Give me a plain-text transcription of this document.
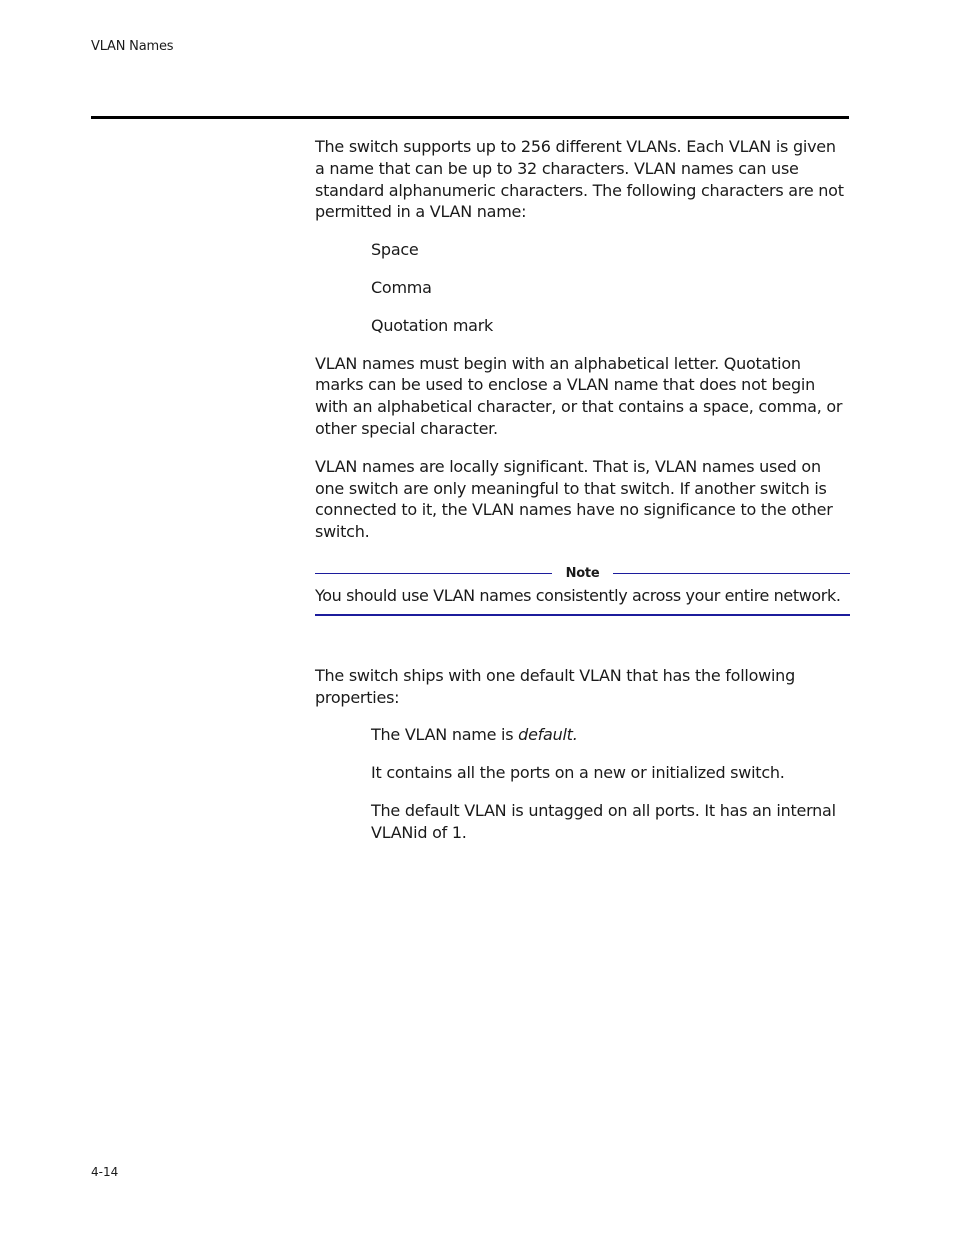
VLAN Names

The switch supports up to 256 different VLANs. Each VLAN is given a name that can be up to 32 characters. VLAN names can use standard alphanumeric characters. The following characters are not permitted in a VLAN name:

Space
Comma
Quotation mark

VLAN names must begin with an alphabetical letter. Quotation marks can be used to enclose a VLAN name that does not begin with an alphabetical character, or that contains a space, comma, or other special character.

VLAN names are locally significant. That is, VLAN names used on one switch are only meaningful to that switch. If another switch is connected to it, the VLAN names have no significance to the other switch.

Note
You should use VLAN names consistently across your entire network.

The switch ships with one default VLAN that has the following properties:

The VLAN name is default.
It contains all the ports on a new or initialized switch.
The default VLAN is untagged on all ports. It has an internal VLANid of 1.
4-14
